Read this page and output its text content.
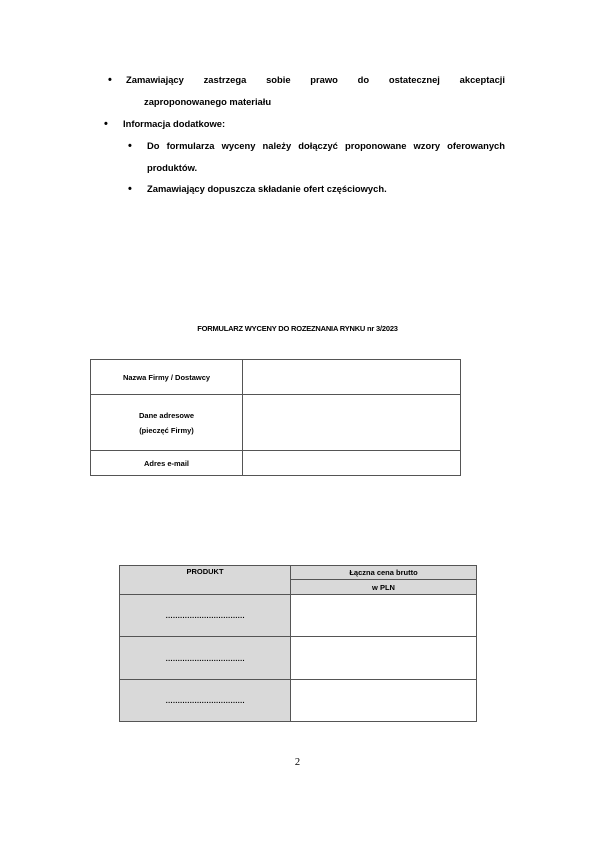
• Zamawiający zastrzega sobie prawo do ostatecznej akceptacji
zaproponowanego materiału
• Informacja dodatkowe:
• Do formularza wyceny należy dołączyć proponowane wzory oferowanych
produktów.
• Zamawiający dopuszcza składanie ofert częściowych.
FORMULARZ WYCENY DO ROZEZNANIA RYNKU nr 3/2023
Nazwa Firmy / Dostawcy	

Dane adresowe
(pieczęć Firmy)	

Adres e-mail	
PRODUKT	Łączna cena brutto
	w PLN
……………………………	
……………………………	
……………………………	
2
